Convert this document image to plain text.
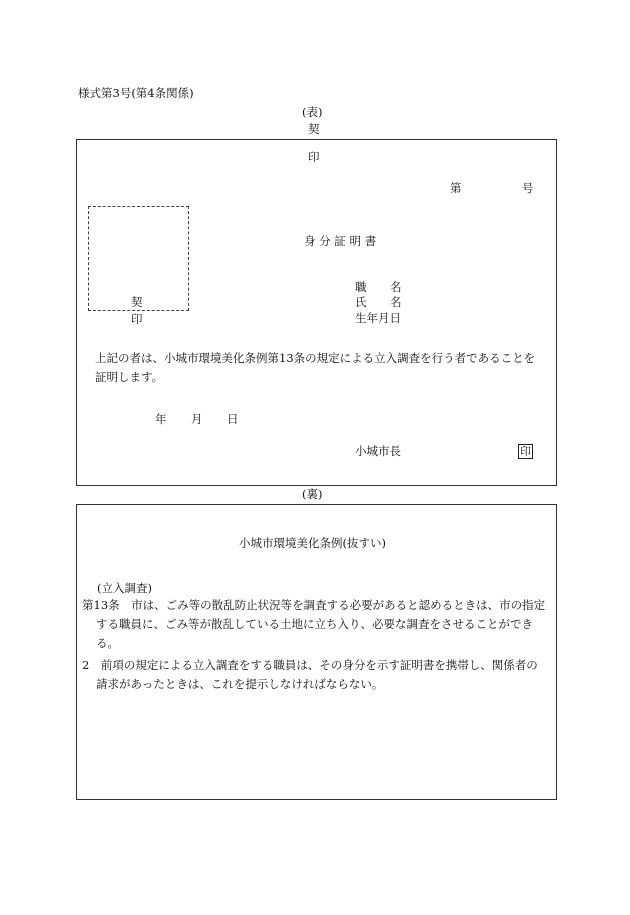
様式第3号(第4条関係)
(表)
契
印
第	号
契
印
身 分 証 明 書
職 名
氏 名
生年月日
上記の者は、小城市環境美化条例第13条の規定による立入調査を行う者であることを証明します。
年 月 日
小城市長	印
(裏)
小城市環境美化条例(抜すい)
(立入調査)
第13条　市は、ごみ等の散乱防止状況等を調査する必要があると認めるときは、市の指定する職員に、ごみ等が散乱している土地に立ち入り、必要な調査をさせることができる。
2　前項の規定による立入調査をする職員は、その身分を示す証明書を携帯し、関係者の請求があったときは、これを提示しなければならない。
